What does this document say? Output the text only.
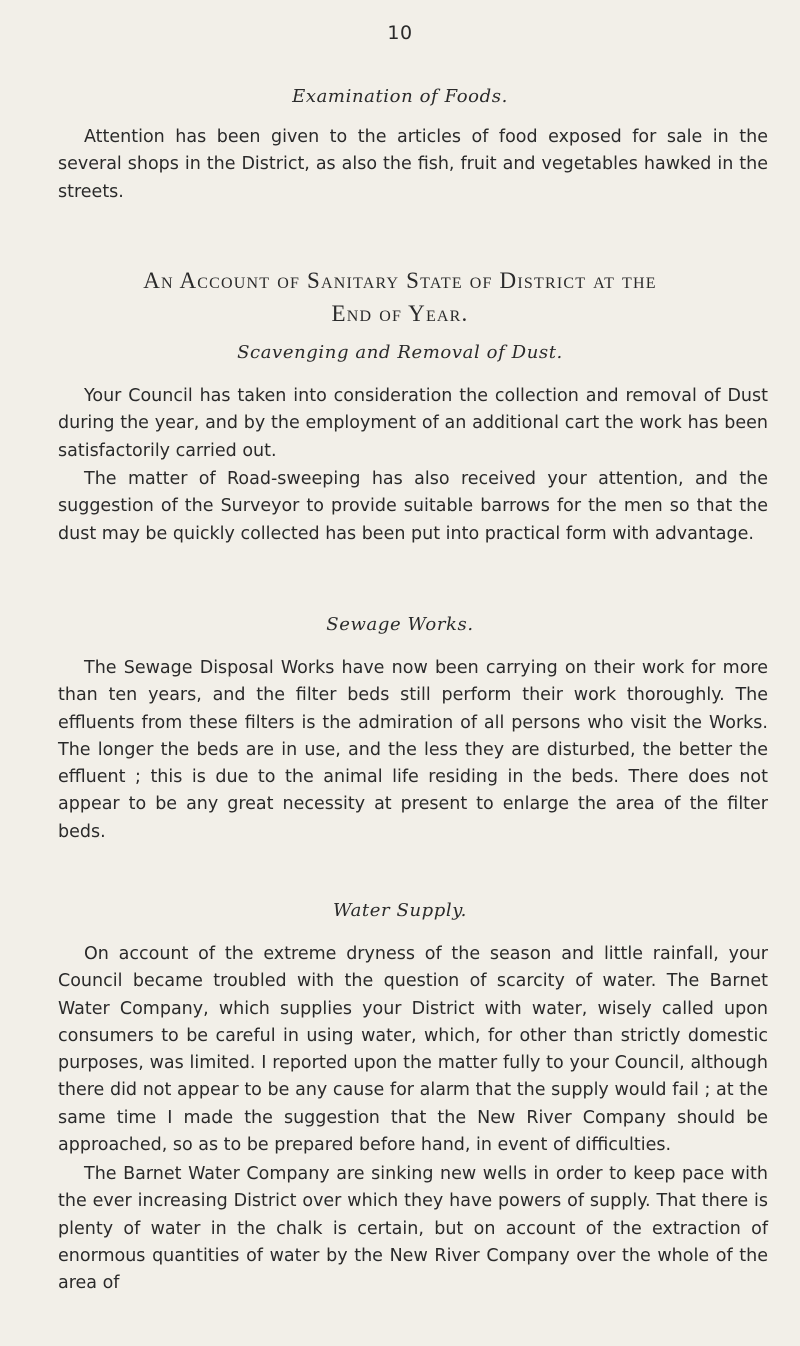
10
Examination of Foods.

Attention has been given to the articles of food exposed for sale in the several shops in the District, as also the fish, fruit and vegetables hawked in the streets.

An Account of Sanitary State of District at the
End of Year.
Scavenging and Removal of Dust.

Your Council has taken into consideration the collection and removal of Dust during the year, and by the employment of an additional cart the work has been satisfactorily carried out.

The matter of Road-sweeping has also received your attention, and the suggestion of the Surveyor to provide suitable barrows for the men so that the dust may be quickly collected has been put into practical form with advantage.

Sewage Works.

The Sewage Disposal Works have now been carrying on their work for more than ten years, and the filter beds still perform their work thoroughly. The effluents from these filters is the admiration of all persons who visit the Works. The longer the beds are in use, and the less they are disturbed, the better the effluent ; this is due to the animal life residing in the beds. There does not appear to be any great necessity at present to enlarge the area of the filter beds.

Water Supply.

On account of the extreme dryness of the season and little rainfall, your Council became troubled with the question of scarcity of water. The Barnet Water Company, which supplies your District with water, wisely called upon consumers to be careful in using water, which, for other than strictly domestic purposes, was limited. I reported upon the matter fully to your Council, although there did not appear to be any cause for alarm that the supply would fail ; at the same time I made the suggestion that the New River Company should be approached, so as to be prepared before hand, in event of difficulties.

The Barnet Water Company are sinking new wells in order to keep pace with the ever increasing District over which they have powers of supply. That there is plenty of water in the chalk is certain, but on account of the extraction of enormous quantities of water by the New River Company over the whole of the area of
